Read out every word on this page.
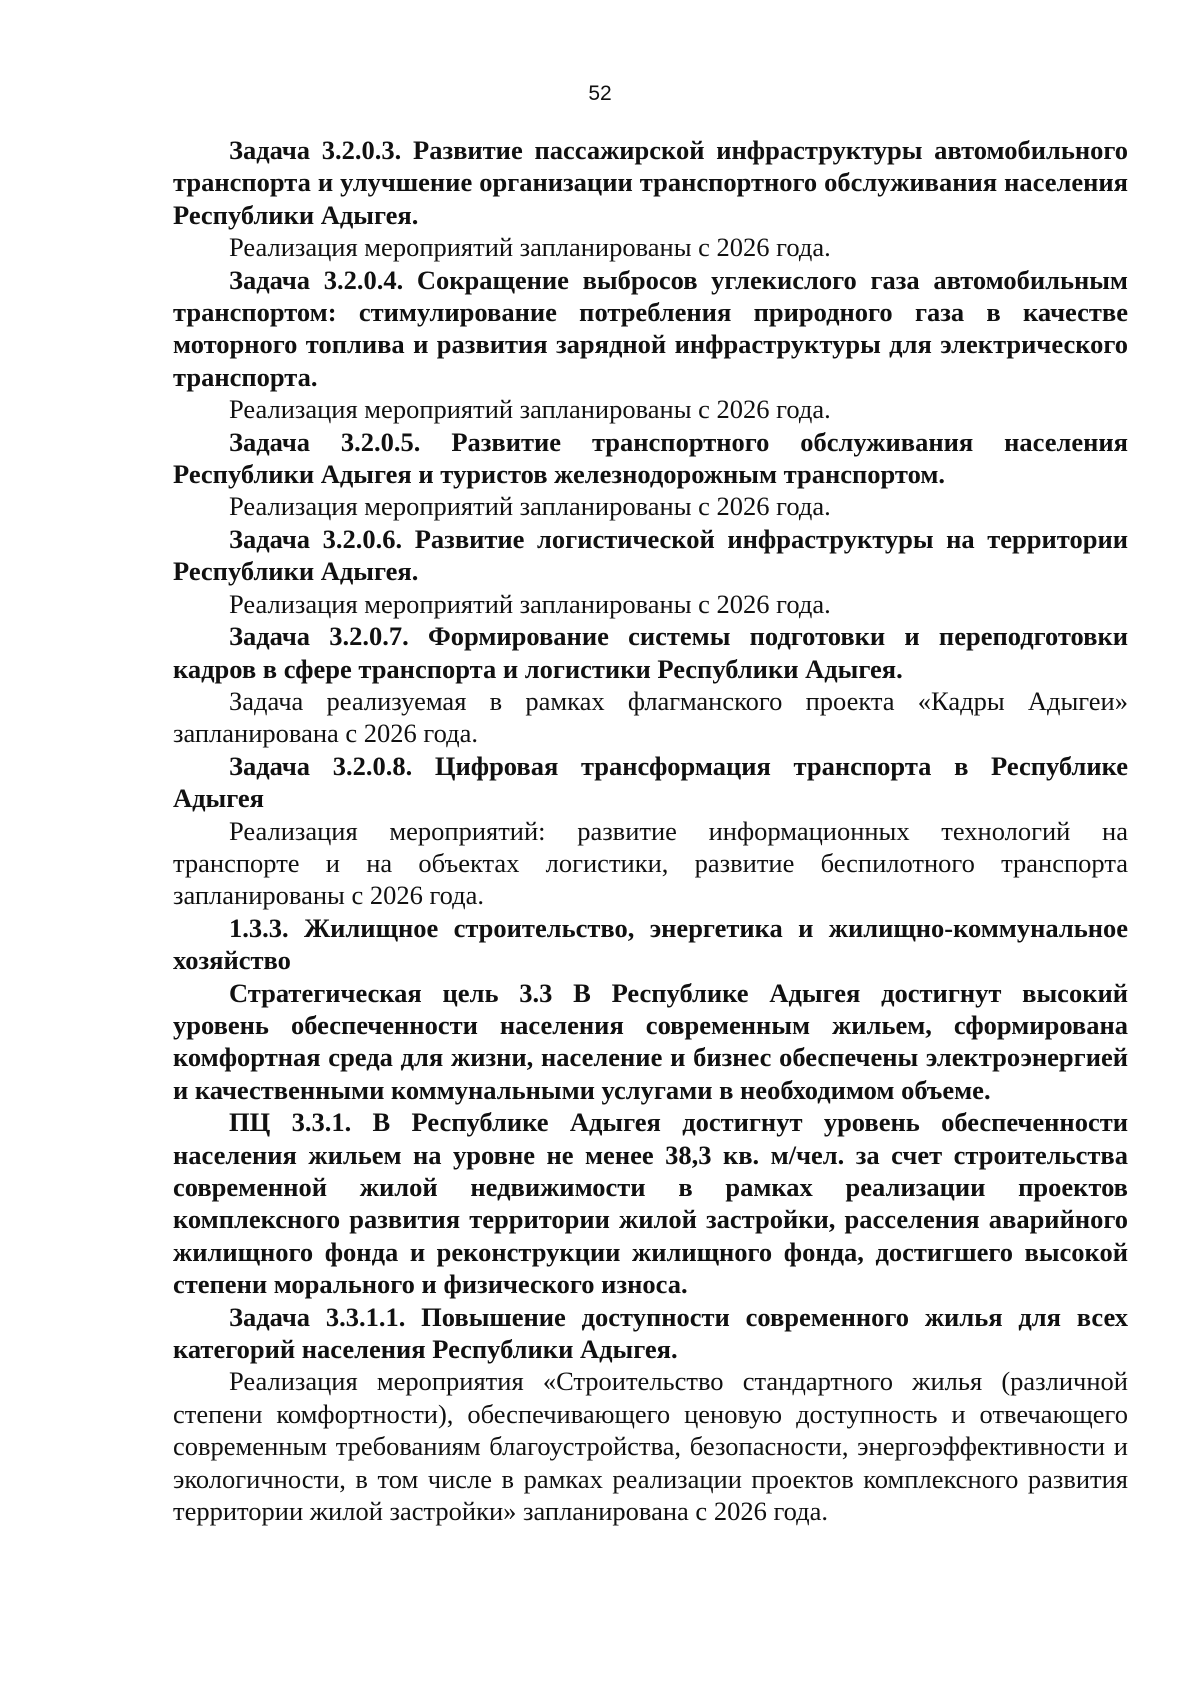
52

Задача 3.2.0.3. Развитие пассажирской инфраструктуры автомобильного транспорта и улучшение организации транспортного обслуживания населения Республики Адыгея.

Реализация мероприятий запланированы с 2026 года.

Задача 3.2.0.4. Сокращение выбросов углекислого газа автомобильным транспортом: стимулирование потребления природного газа в качестве моторного топлива и развития зарядной инфраструктуры для электрического транспорта.

Реализация мероприятий запланированы с 2026 года.

Задача 3.2.0.5. Развитие транспортного обслуживания населения Республики Адыгея и туристов железнодорожным транспортом.

Реализация мероприятий запланированы с 2026 года.

Задача 3.2.0.6. Развитие логистической инфраструктуры на территории Республики Адыгея.

Реализация мероприятий запланированы с 2026 года.

Задача 3.2.0.7. Формирование системы подготовки и переподготовки кадров в сфере транспорта и логистики Республики Адыгея.

Задача реализуемая в рамках флагманского проекта «Кадры Адыгеи» запланирована с 2026 года.

Задача 3.2.0.8. Цифровая трансформация транспорта в Республике Адыгея

Реализация мероприятий: развитие информационных технологий на транспорте и на объектах логистики, развитие беспилотного транспорта запланированы с 2026 года.

1.3.3. Жилищное строительство, энергетика и жилищно-коммунальное хозяйство

Стратегическая цель 3.3 В Республике Адыгея достигнут высокий уровень обеспеченности населения современным жильем, сформирована комфортная среда для жизни, население и бизнес обеспечены электроэнергией и качественными коммунальными услугами в необходимом объеме.

ПЦ 3.3.1. В Республике Адыгея достигнут уровень обеспеченности населения жильем на уровне не менее 38,3 кв. м/чел. за счет строительства современной жилой недвижимости в рамках реализации проектов комплексного развития территории жилой застройки, расселения аварийного жилищного фонда и реконструкции жилищного фонда, достигшего высокой степени морального и физического износа.

Задача 3.3.1.1. Повышение доступности современного жилья для всех категорий населения Республики Адыгея.

Реализация мероприятия «Строительство стандартного жилья (различной степени комфортности), обеспечивающего ценовую доступность и отвечающего современным требованиям благоустройства, безопасности, энергоэффективности и экологичности, в том числе в рамках реализации проектов комплексного развития территории жилой застройки» запланирована с 2026 года.
